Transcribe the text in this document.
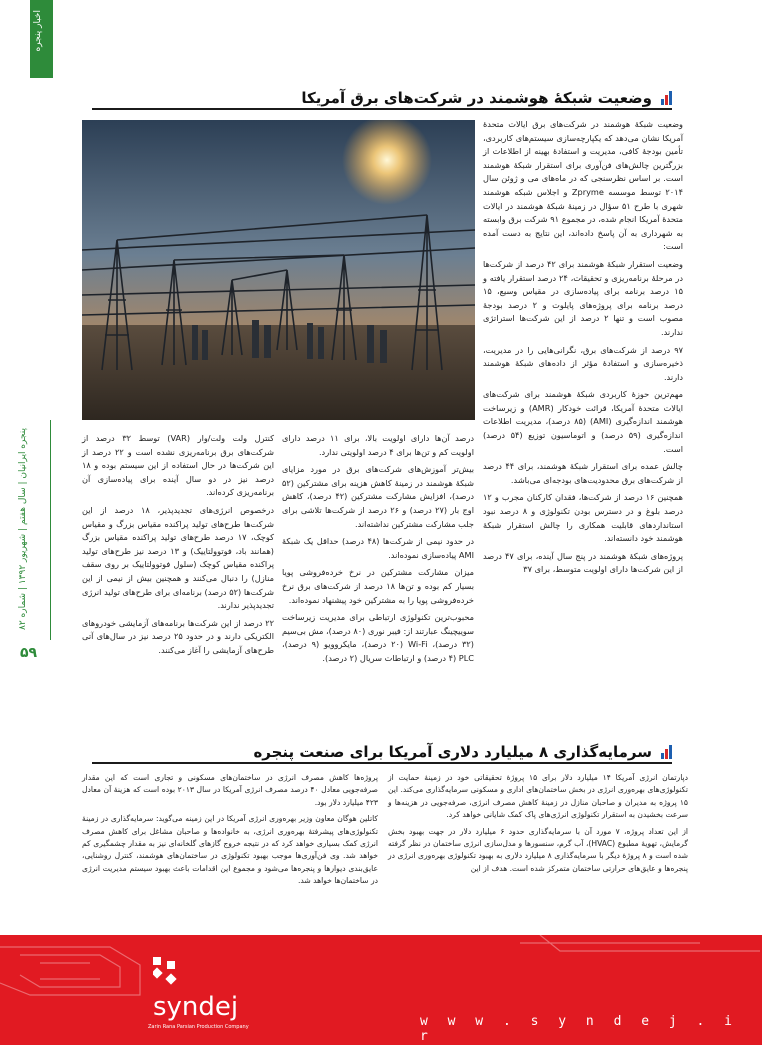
اخبار پنجره
پنجره ایرانیان | سال هفتم | شهریور ۱۳۹۲ | شماره ۸۲
۵۹
وضعیت شبکۀ هوشمند در شرکت‌های برق آمریکا

وضعیت شبکۀ هوشمند در شرکت‌های برق ایالات متحدۀ آمریکا نشان می‌دهد که یکپارچه‌سازی سیستم‌های کاربردی، تأمین بودجۀ کافی، مدیریت و استفادۀ بهینه از اطلاعات از بزرگترین چالش‌های فن‌آوری برای استقرار شبکۀ هوشمند است. بر اساس نظرسنجی که در ماه‌های می و ژوئن سال ۲۰۱۴ توسط موسسه Zpryme و اجلاس شبکه هوشمند شهری با طرح ۵۱ سؤال در زمینۀ شبکۀ هوشمند در ایالات متحدۀ آمریکا انجام شده، در مجموع ۹۱ شرکت برق وابسته به شهرداری به آن پاسخ داده‌اند، این نتایج به دست آمده است:

وضعیت استقرار شبکۀ هوشمند برای ۴۲ درصد از شرکت‌ها در مرحلۀ برنامه‌ریزی و تحقیقات، ۲۴ درصد استقرار یافته و ۱۵ درصد برنامه برای پیاده‌سازی در مقیاس وسیع، ۱۵ درصد برنامه برای پروژه‌های پایلوت و ۲ درصد بودجۀ مصوب است و تنها ۲ درصد از این شرکت‌ها استراتژی ندارند.

۹۷ درصد از شرکت‌های برق، نگرانی‌هایی را در مدیریت، ذخیره‌سازی و استفادۀ مؤثر از داده‌های شبکۀ هوشمند دارند.

مهم‌ترین حوزۀ کاربردی شبکۀ هوشمند برای شرکت‌های ایالات متحدۀ آمریکا، قرائت خودکار (AMR) و زیرساخت هوشمند اندازه‌گیری (AMI) (۸۵ درصد)، مدیریت اطلاعات اندازه‌گیری (۵۹ درصد) و اتوماسیون توزیع (۵۴ درصد) است.

چالش عمده برای استقرار شبکۀ هوشمند، برای ۴۴ درصد از شرکت‌های برق محدودیت‌های بودجه‌ای می‌باشد.

همچنین ۱۶ درصد از شرکت‌ها، فقدان کارکنان مجرب و ۱۲ درصد بلوغ و در دسترس بودن تکنولوژی و ۸ درصد نبود استانداردهای قابلیت همکاری را چالش استقرار شبکۀ هوشمند خود دانسته‌اند.

پروژه‌های شبکۀ هوشمند در پنج سال آینده، برای ۴۷ درصد از این شرکت‌ها دارای اولویت متوسط، برای ۳۷

درصد آن‌ها دارای اولویت بالا، برای ۱۱ درصد دارای اولویت کم و تن‌ها برای ۴ درصد اولویتی ندارد.

بیش‌تر آموزش‌های شرکت‌های برق در مورد مزایای شبکۀ هوشمند در زمینۀ کاهش هزینه برای مشترکین (۵۲ درصد)، افزایش مشارکت مشترکین (۴۲ درصد)، کاهش اوج بار (۲۷ درصد) و ۲۶ درصد از شرکت‌ها تلاشی برای جلب مشارکت مشترکین نداشته‌اند.

در حدود نیمی از شرکت‌ها (۴۸ درصد) حداقل یک شبکۀ AMI پیاده‌سازی نموده‌اند.

میزان مشارکت مشترکین در نرخ خرده‌فروشی پویا بسیار کم بوده و تن‌ها ۱۸ درصد از شرکت‌های برق نرخ خرده‌فروشی پویا را به مشترکین خود پیشنهاد نموده‌اند.

محبوب‌ترین تکنولوژی ارتباطی برای مدیریت زیرساخت سوییچینگ عبارتند از: فیبر نوری (۸۰ درصد)، مش بی‌سیم (۳۲ درصد)، Wi-Fi (۲۰ درصد)، مایکروویو (۹ درصد)، PLC (۴ درصد) و ارتباطات سریال (۲ درصد).

کنترل ولت ولت/وار (VAR) توسط ۳۲ درصد از شرکت‌های برق برنامه‌ریزی نشده است و ۲۲ درصد از این شرکت‌ها در حال استفاده از این سیستم بوده و ۱۸ درصد نیز در دو سال آینده برای پیاده‌سازی آن برنامه‌ریزی کرده‌اند.

درخصوص انرژی‌های تجدیدپذیر، ۱۸ درصد از این شرکت‌ها طرح‌های تولید پراکنده مقیاس بزرگ و مقیاس کوچک، ۱۷ درصد طرح‌های تولید پراکنده مقیاس بزرگ (همانند باد، فوتوولتاییک) و ۱۳ درصد نیز طرح‌های تولید پراکنده مقیاس کوچک (سلول فوتوولتاییک بر روی سقف منازل) را دنبال می‌کنند و همچنین بیش از نیمی از این شرکت‌ها (۵۲ درصد) برنامه‌ای برای طرح‌های تولید انرژی تجدیدپذیر ندارند.

۲۲ درصد از این شرکت‌ها برنامه‌های آزمایشی خودروهای الکتریکی دارند و در حدود ۲۵ درصد نیز در سال‌های آتی طرح‌های آزمایشی را آغاز می‌کنند.

سرمایه‌گذاری ۸ میلیارد دلاری آمریکا برای صنعت پنجره

دپارتمان انرژی آمریکا ۱۴ میلیارد دلار برای ۱۵ پروژۀ تحقیقاتی خود در زمینۀ حمایت از تکنولوژی‌های بهره‌وری انرژی در بخش ساختمان‌های اداری و مسکونی سرمایه‌گذاری می‌کند. این ۱۵ پروژه به مدیران و صاحبان منازل در زمینۀ کاهش مصرف انرژی، صرفه‌جویی در هزینه‌ها و سرعت بخشیدن به استقرار تکنولوژی انرژی‌های پاک کمک شایانی خواهد کرد.

از این تعداد پروژه، ۷ مورد آن با سرمایه‌گذاری حدود ۶ میلیارد دلار در جهت بهبود بخش گرمایش، تهویۀ مطبوع (HVAC)، آب گرم، سنسورها و مدل‌سازی انرژی ساختمان در نظر گرفته شده است و ۸ پروژۀ دیگر با سرمایه‌گذاری ۸ میلیارد دلاری به بهبود تکنولوژی بهره‌وری انرژی در پنجره‌ها و عایق‌های حرارتی ساختمان متمرکز شده است. هدف از این

پروژه‌ها کاهش مصرف انرژی در ساختمان‌های مسکونی و تجاری است که این مقدار صرفه‌جویی معادل ۴۰ درصد مصرف انرژی آمریکا در سال ۲۰۱۳ بوده است که هزینۀ آن معادل ۴۲۳ میلیارد دلار بود.

کاتلین هوگان معاون وزیر بهره‌وری انرژی آمریکا در این زمینه می‌گوید: سرمایه‌گذاری در زمینۀ تکنولوژی‌های پیشرفتۀ بهره‌وری انرژی، به خانواده‌ها و صاحبان مشاغل برای کاهش مصرف انرژی کمک بسیاری خواهد کرد که در نتیجه خروج گازهای گلخانه‌ای نیز به مقدار چشمگیری کم خواهد شد. وی فن‌آوری‌ها موجب بهبود تکنولوژی در ساختمان‌های هوشمند، کنترل روشنایی، عایق‌بندی دیوارها و پنجره‌ها می‌شود و مجموع این اقدامات باعث بهبود سیستم مدیریت انرژی در ساختمان‌ها خواهد شد.

syndej
Zarin Rana Parsian Production Company
سیندژ پروفیلی مطمئن برای پنجره‌های دوجداره U.P.V.C
w w w . s y n d e j . i r
